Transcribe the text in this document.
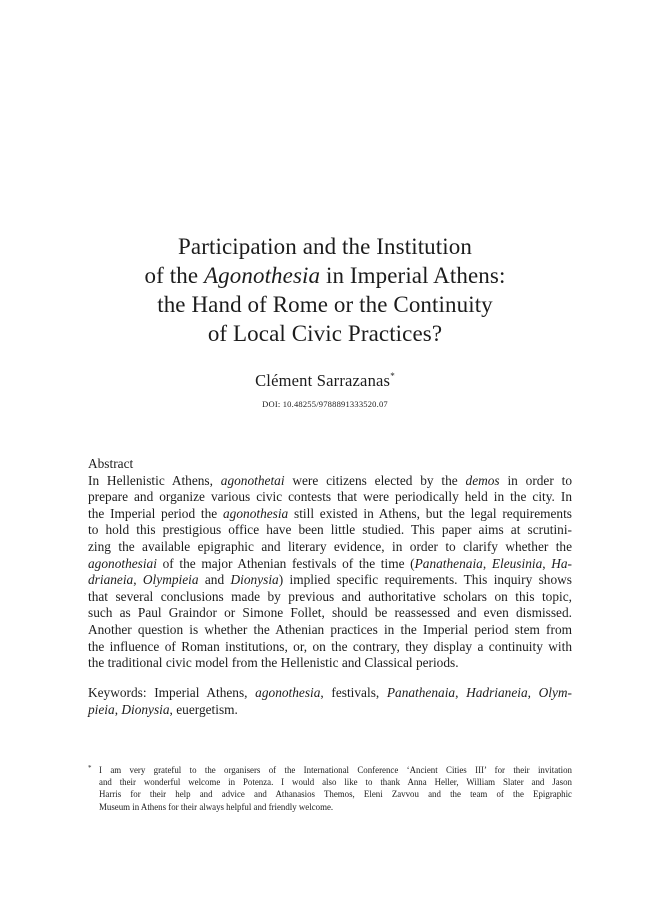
Participation and the Institution
of the Agonothesia in Imperial Athens:
the Hand of Rome or the Continuity
of Local Civic Practices?
Clément Sarrazanas*
DOI: 10.48255/9788891333520.07
Abstract
In Hellenistic Athens, agonothetai were citizens elected by the demos in order to
prepare and organize various civic contests that were periodically held in the city. In
the Imperial period the agonothesia still existed in Athens, but the legal requirements
to hold this prestigious office have been little studied. This paper aims at scrutini-
zing the available epigraphic and literary evidence, in order to clarify whether the
agonothesiai of the major Athenian festivals of the time (Panathenaia, Eleusinia, Ha-
drianeia, Olympieia and Dionysia) implied specific requirements. This inquiry shows
that several conclusions made by previous and authoritative scholars on this topic,
such as Paul Graindor or Simone Follet, should be reassessed and even dismissed.
Another question is whether the Athenian practices in the Imperial period stem from
the influence of Roman institutions, or, on the contrary, they display a continuity with
the traditional civic model from the Hellenistic and Classical periods.
Keywords: Imperial Athens, agonothesia, festivals, Panathenaia, Hadrianeia, Olym-
pieia, Dionysia, euergetism.
* I am very grateful to the organisers of the International Conference ‘Ancient Cities III’ for their invitation
and their wonderful welcome in Potenza. I would also like to thank Anna Heller, William Slater and Jason
Harris for their help and advice and Athanasios Themos, Eleni Zavvou and the team of the Epigraphic
Museum in Athens for their always helpful and friendly welcome.
